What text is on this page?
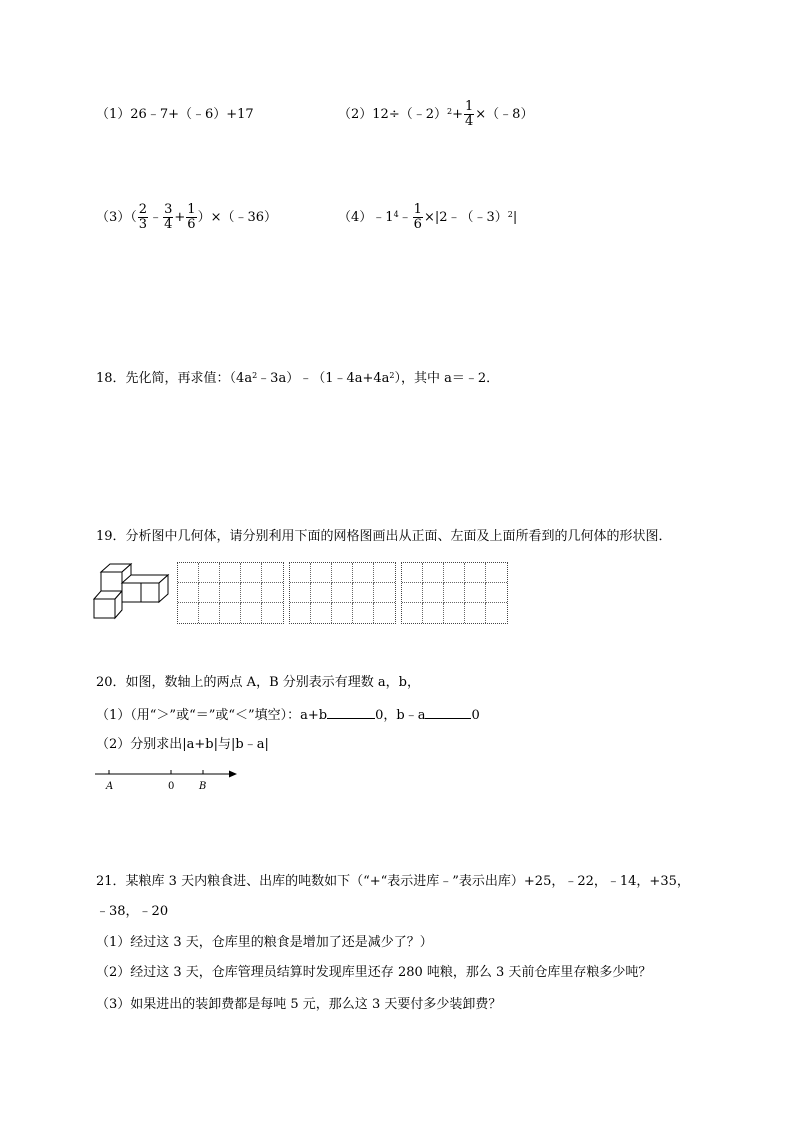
（1）26﹣7+（﹣6）+17	（2）12÷（﹣2）$^2$+ $\frac{1}{4}$ ×（﹣8）
$(3)( \frac{2}{3}$ ﹣ $\frac{3}{4} + \frac{1}{6}$ ）×（﹣36）	$(4)﹣1^4﹣ \frac{1}{6}$ ×|2﹣（﹣3）$^2$|
18．先化简，再求值：$(4a^2﹣3a)﹣(1﹣4a+4a^2)$，其中 a＝﹣2．
19．分析图中几何体，请分别利用下面的网格图画出从正面、左面及上面所看到的几何体的形状图．
20．如图，数轴上的两点 A，B 分别表示有理数 a，b，
（1）（用“＞”或“＝”或“＜”填空）：a+b	0，b﹣a	0
（2）分别求出|a+b|与|b﹣a|
A	0 B
21．某粮库 3 天内粮食进、出库的吨数如下（“+“表示进库﹣”表示出库）+25，﹣22，﹣14，+35，
﹣38，﹣20
（1）经过这 3 天，仓库里的粮食是增加了还是减少了？）
（2）经过这 3 天，仓库管理员结算时发现库里还存 280 吨粮，那么 3 天前仓库里存粮多少吨？
（3）如果进出的装卸费都是每吨 5 元，那么这 3 天要付多少装卸费？
